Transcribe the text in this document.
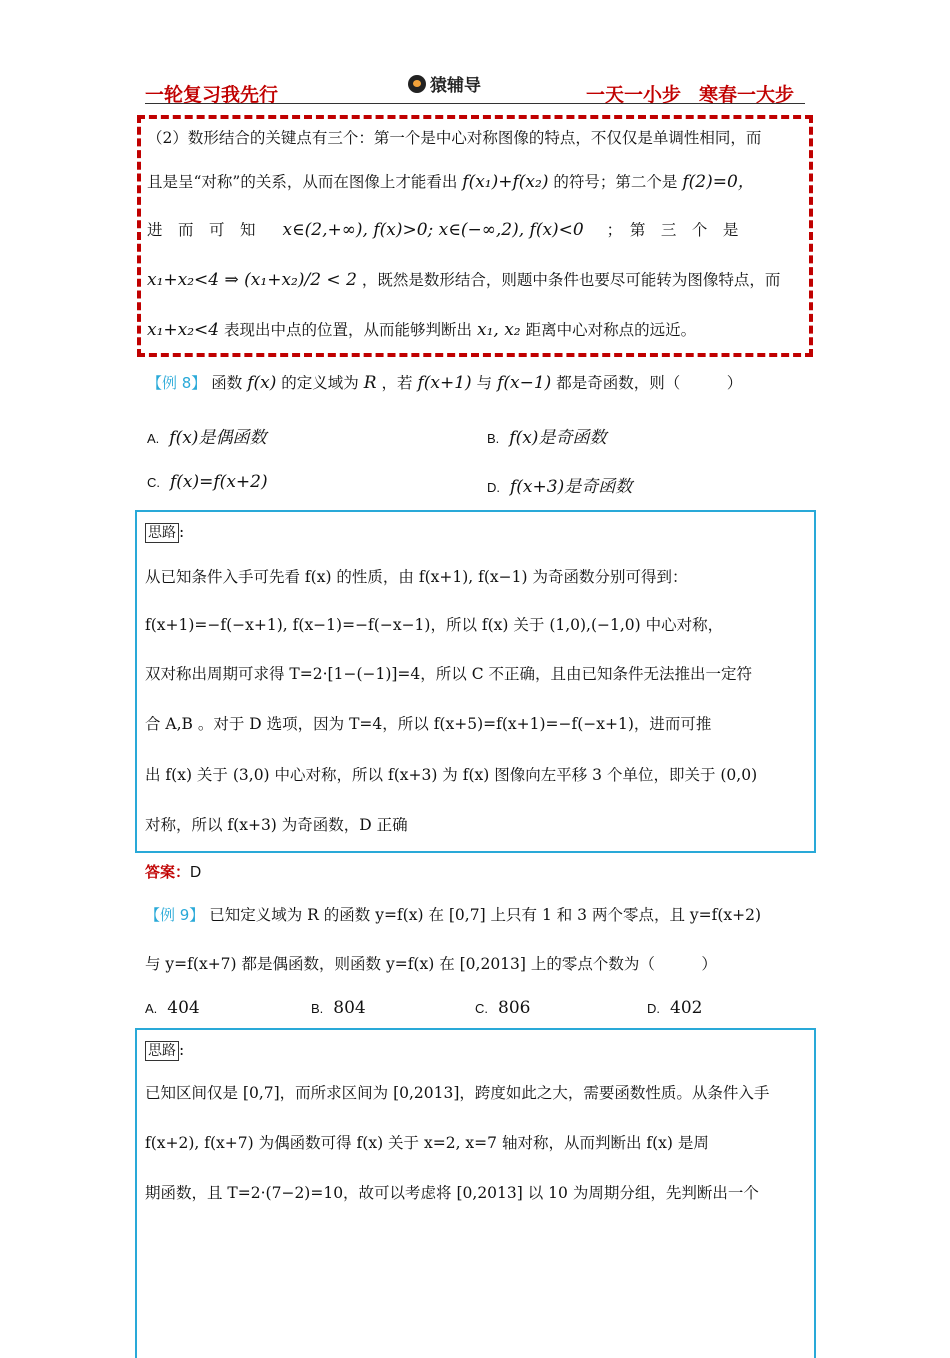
一轮复习我先行	猿辅导	一天一小步 寒春一大步
（2）数形结合的关键点有三个：第一个是中心对称图像的特点，不仅仅是单调性相同，而
且是呈“对称”的关系，从而在图像上才能看出 f(x₁)+f(x₂) 的符号；第二个是 f(2)=0，
进　而　可　知 x∈(2,+∞), f(x)>0; x∈(−∞,2), f(x)<0 ；　第　三　个　是
x₁+x₂<4 ⇒ (x₁+x₂)/2 < 2 ，既然是数形结合，则题中条件也要尽可能转为图像特点，而
x₁+x₂<4 表现出中点的位置，从而能够判断出 x₁, x₂ 距离中心对称点的远近。
【例 8】 函数 f(x) 的定义域为 R ，若 f(x+1) 与 f(x−1) 都是奇函数，则（　　　）
A. f(x)是偶函数	B. f(x)是奇函数
C. f(x)=f(x+2)	D. f(x+3)是奇函数
思路 :
从已知条件入手可先看 f(x) 的性质，由 f(x+1), f(x−1) 为奇函数分别可得到：
f(x+1)=−f(−x+1), f(x−1)=−f(−x−1)，所以 f(x) 关于 (1,0),(−1,0) 中心对称，
双对称出周期可求得 T=2·[1−(−1)]=4，所以 C 不正确，且由已知条件无法推出一定符
合 A,B 。对于 D 选项，因为 T=4，所以 f(x+5)=f(x+1)=−f(−x+1)，进而可推
出 f(x) 关于 (3,0) 中心对称，所以 f(x+3) 为 f(x) 图像向左平移 3 个单位，即关于 (0,0)
对称，所以 f(x+3) 为奇函数，D 正确
答案：D
【例 9】 已知定义域为 R 的函数 y=f(x) 在 [0,7] 上只有 1 和 3 两个零点，且 y=f(x+2)
与 y=f(x+7) 都是偶函数，则函数 y=f(x) 在 [0,2013] 上的零点个数为（　　　）
A. 404	B. 804	C. 806	D. 402
思路 :
已知区间仅是 [0,7]，而所求区间为 [0,2013]，跨度如此之大，需要函数性质。从条件入手
f(x+2), f(x+7) 为偶函数可得 f(x) 关于 x=2, x=7 轴对称，从而判断出 f(x) 是周
期函数，且 T=2·(7−2)=10，故可以考虑将 [0,2013] 以 10 为周期分组，先判断出一个
